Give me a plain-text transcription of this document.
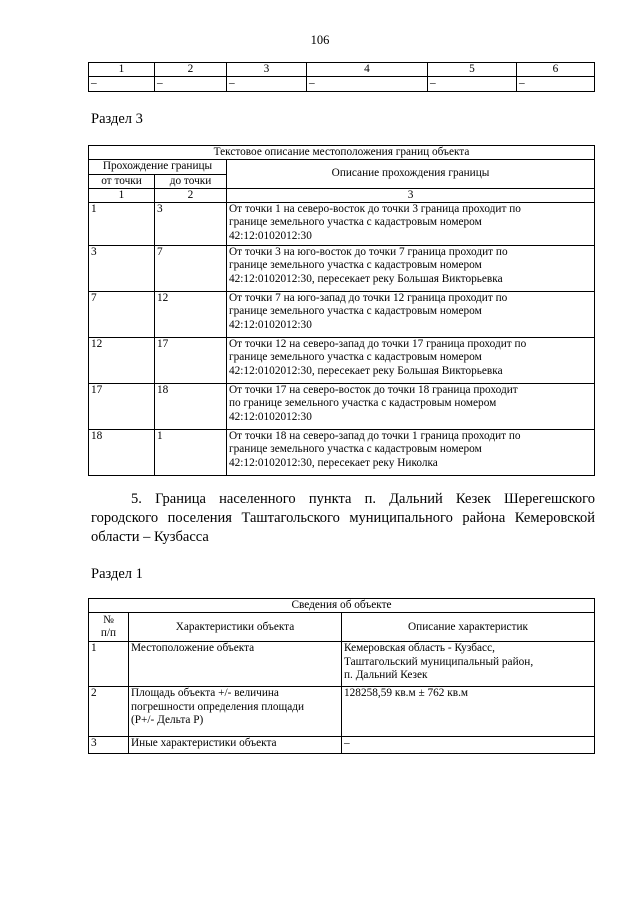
106
1	2	3	4	5	6
–	–	–	–	–	–
Раздел 3
Текстовое описание местоположения границ объекта		
Прохождение границы		Описание прохождения границы
от точки	до точки	
1	2	3
1	3	От точки 1 на северо-восток до точки 3 граница проходит по
границе земельного участка с кадастровым номером
42:12:0102012:30

3	7	От точки 3 на юго-восток до точки 7 граница проходит по
границе земельного участка с кадастровым номером
42:12:0102012:30, пересекает реку Большая Викторьевка

7	12	От точки 7 на юго-запад до точки 12 граница проходит по
границе земельного участка с кадастровым номером
42:12:0102012:30

12	17	От точки 12 на северо-запад до точки 17 граница проходит по
границе земельного участка с кадастровым номером
42:12:0102012:30, пересекает реку Большая Викторьевка

17	18	От точки 17 на северо-восток до точки 18 граница проходит
по границе земельного участка с кадастровым номером
42:12:0102012:30

18	1	От точки 18 на северо-запад до точки 1 граница проходит по
границе земельного участка с кадастровым номером
42:12:0102012:30, пересекает реку Николка
5. Граница населенного пункта п. Дальний Кезек Шерегешского
городского поселения Таштагольского муниципального района Кемеровской
области – Кузбасса
Раздел 1
Сведения об объекте		

№
п/п	Характеристики объекта	Описание характеристик
1	Местоположение объекта	Кемеровская область - Кузбасс,
Таштагольский муниципальный район,
п. Дальний Кезек

2	Площадь объекта +/- величина
погрешности определения площади
(Р+/- Дельта Р)	128258,59 кв.м ± 762 кв.м

3	Иные характеристики объекта	–
